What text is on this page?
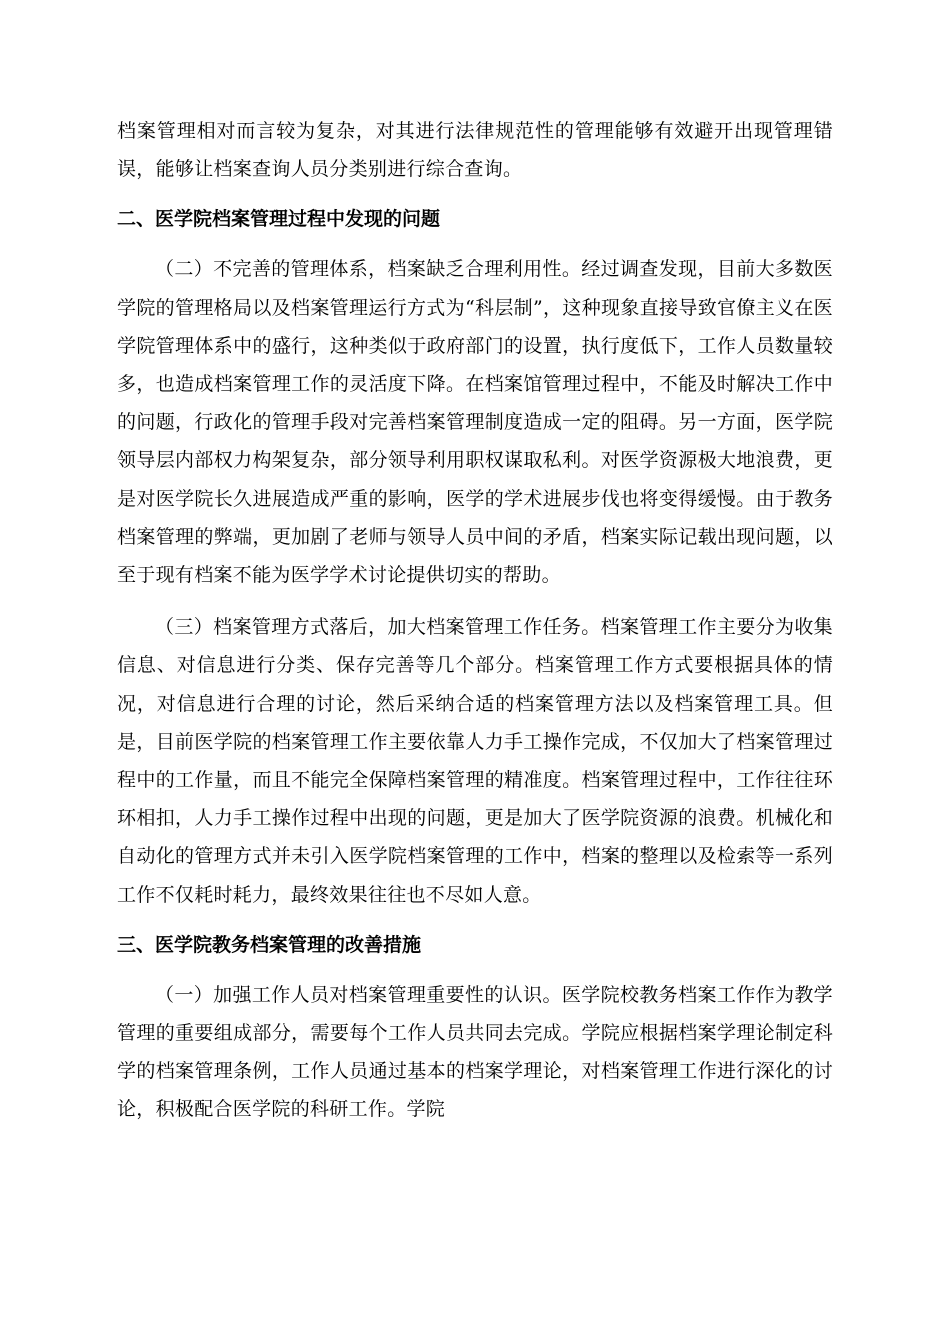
档案管理相对而言较为复杂，对其进行法律规范性的管理能够有效避开出现管理错误，能够让档案查询人员分类别进行综合查询。

二、医学院档案管理过程中发现的问题

（二）不完善的管理体系，档案缺乏合理利用性。经过调查发现，目前大多数医学院的管理格局以及档案管理运行方式为“科层制”，这种现象直接导致官僚主义在医学院管理体系中的盛行，这种类似于政府部门的设置，执行度低下，工作人员数量较多，也造成档案管理工作的灵活度下降。在档案馆管理过程中，不能及时解决工作中的问题，行政化的管理手段对完善档案管理制度造成一定的阻碍。另一方面，医学院领导层内部权力构架复杂，部分领导利用职权谋取私利。对医学资源极大地浪费，更是对医学院长久进展造成严重的影响，医学的学术进展步伐也将变得缓慢。由于教务档案管理的弊端，更加剧了老师与领导人员中间的矛盾，档案实际记载出现问题，以至于现有档案不能为医学学术讨论提供切实的帮助。

（三）档案管理方式落后，加大档案管理工作任务。档案管理工作主要分为收集信息、对信息进行分类、保存完善等几个部分。档案管理工作方式要根据具体的情况，对信息进行合理的讨论，然后采纳合适的档案管理方法以及档案管理工具。但是，目前医学院的档案管理工作主要依靠人力手工操作完成，不仅加大了档案管理过程中的工作量，而且不能完全保障档案管理的精准度。档案管理过程中，工作往往环环相扣，人力手工操作过程中出现的问题，更是加大了医学院资源的浪费。机械化和自动化的管理方式并未引入医学院档案管理的工作中，档案的整理以及检索等一系列工作不仅耗时耗力，最终效果往往也不尽如人意。

三、医学院教务档案管理的改善措施

（一）加强工作人员对档案管理重要性的认识。医学院校教务档案工作作为教学管理的重要组成部分，需要每个工作人员共同去完成。学院应根据档案学理论制定科学的档案管理条例，工作人员通过基本的档案学理论，对档案管理工作进行深化的讨论，积极配合医学院的科研工作。学院
